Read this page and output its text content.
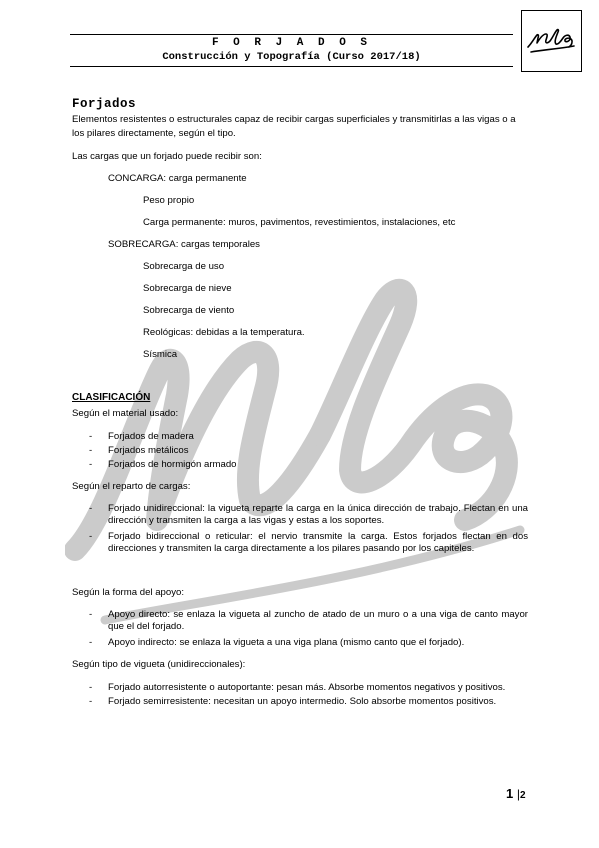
F O R J A D O S
Construcción y Topografía (Curso 2017/18)
Forjados
Elementos resistentes o estructurales capaz de recibir cargas superficiales y transmitirlas a las vigas o a
los pilares directamente, según el tipo.
Las cargas que un forjado puede recibir son:
CONCARGA: carga permanente
Peso propio
Carga permanente: muros, pavimentos, revestimientos, instalaciones, etc
SOBRECARGA: cargas temporales
Sobrecarga de uso
Sobrecarga de nieve
Sobrecarga de viento
Reológicas: debidas a la temperatura.
Sísmica
CLASIFICACIÓN
Según el material usado:
- Forjados de madera
- Forjados metálicos
- Forjados de hormigón armado
Según el reparto de cargas:
- Forjado unidireccional: la vigueta reparte la carga en la única dirección de trabajo. Flectan en una dirección y transmiten la carga a las vigas y estas a los soportes.
- Forjado bidireccional o reticular: el nervio transmite la carga. Estos forjados flectan en dos direcciones y transmiten la carga directamente a los pilares pasando por los capiteles.
Según la forma del apoyo:
- Apoyo directo: se enlaza la vigueta al zuncho de atado de un muro o a una viga de canto mayor que el del forjado.
- Apoyo indirecto: se enlaza la vigueta a una viga plana (mismo canto que el forjado).
Según tipo de vigueta (unidireccionales):
- Forjado autorresistente o autoportante: pesan más. Absorbe momentos negativos y positivos.
- Forjado semirresistente: necesitan un apoyo intermedio. Solo absorbe momentos positivos.
1 |2
